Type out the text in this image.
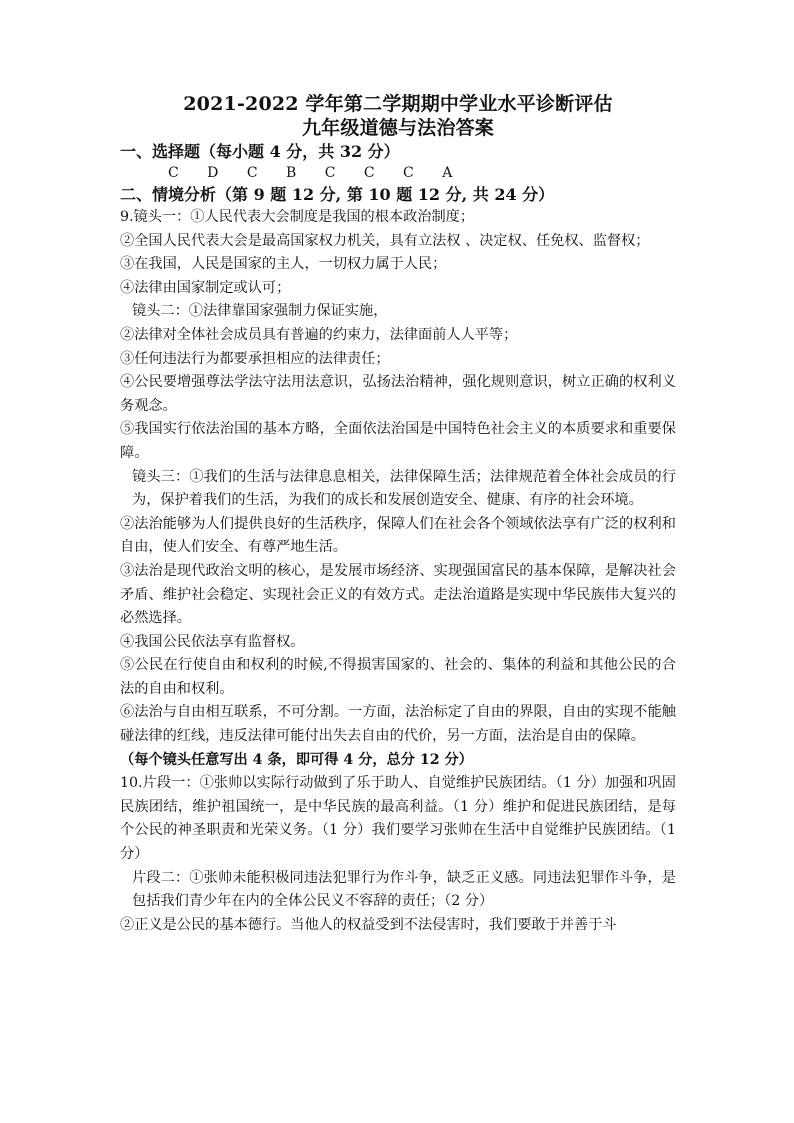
2021-2022 学年第二学期期中学业水平诊断评估
九年级道德与法治答案
一、选择题（每小题 4 分，共 32 分）
C D C B C C C A
二、情境分析（第 9 题 12 分, 第 10 题 12 分, 共 24 分）

9.镜头一：①人民代表大会制度是我国的根本政治制度；

②全国人民代表大会是最高国家权力机关，具有立法权 、决定权、任免权、监督权；

③在我国，人民是国家的主人，一切权力属于人民；

④法律由国家制定或认可；

镜头二：①法律靠国家强制力保证实施，

②法律对全体社会成员具有普遍的约束力，法律面前人人平等；

③任何违法行为都要承担相应的法律责任；

④公民要增强尊法学法守法用法意识，弘扬法治精神，强化规则意识，树立正确的权利义务观念。

⑤我国实行依法治国的基本方略，全面依法治国是中国特色社会主义的本质要求和重要保障。

镜头三：①我们的生活与法律息息相关，法律保障生活；法律规范着全体社会成员的行为，保护着我们的生活，为我们的成长和发展创造安全、健康、有序的社会环境。

②法治能够为人们提供良好的生活秩序，保障人们在社会各个领域依法享有广泛的权利和自由，使人们安全、有尊严地生活。

③法治是现代政治文明的核心，是发展市场经济、实现强国富民的基本保障，是解决社会矛盾、维护社会稳定、实现社会正义的有效方式。走法治道路是实现中华民族伟大复兴的必然选择。

④我国公民依法享有监督权。

⑤公民在行使自由和权利的时候,不得损害国家的、社会的、集体的利益和其他公民的合法的自由和权利。

⑥法治与自由相互联系，不可分割。一方面，法治标定了自由的界限，自由的实现不能触碰法律的红线，违反法律可能付出失去自由的代价，另一方面，法治是自由的保障。

（每个镜头任意写出 4 条，即可得 4 分，总分 12 分）

10.片段一：①张帅以实际行动做到了乐于助人、自觉维护民族团结。（1 分）加强和巩固民族团结，维护祖国统一，是中华民族的最高利益。（1 分）维护和促进民族团结，是每个公民的神圣职责和光荣义务。（1 分）我们要学习张帅在生活中自觉维护民族团结。（1 分）

片段二：①张帅未能积极同违法犯罪行为作斗争，缺乏正义感。同违法犯罪作斗争，是包括我们青少年在内的全体公民义不容辞的责任；（2 分）

②正义是公民的基本德行。当他人的权益受到不法侵害时，我们要敢于并善于斗
